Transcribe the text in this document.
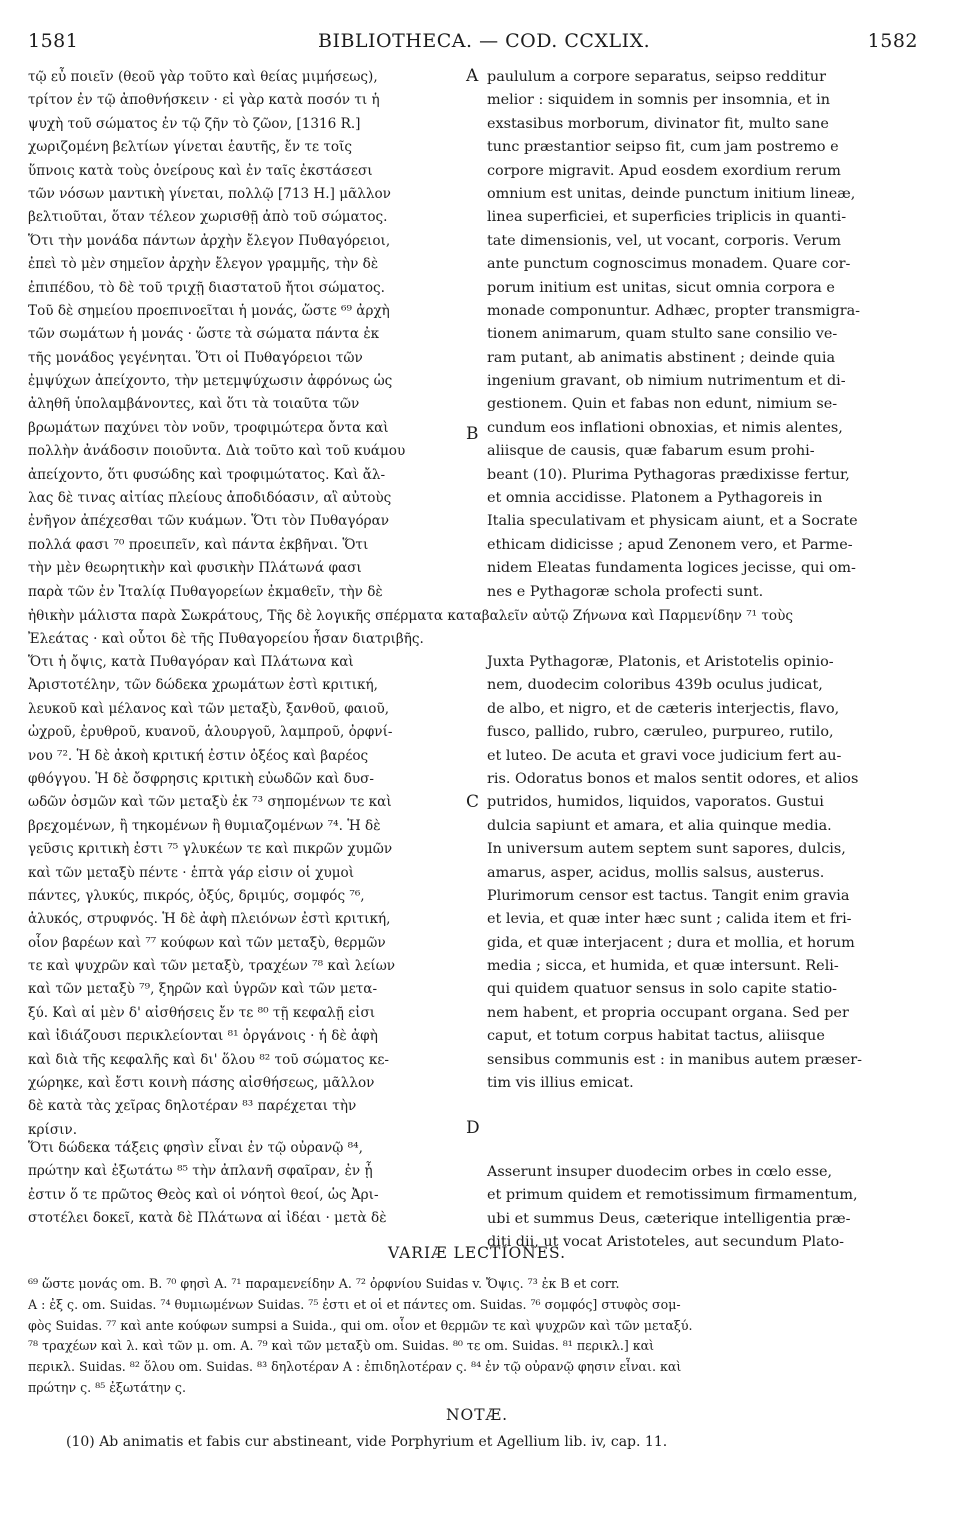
1581	BIBLIOTHECA. — COD. CCXLIX.	1582
A
B
C
D
τῷ εὖ ποιεῖν (θεοῦ γὰρ τοῦτο καὶ θείας μιμήσεως),
τρίτον ἐν τῷ ἀποθνήσκειν · εἰ γὰρ κατὰ ποσόν τι ἡ
ψυχὴ τοῦ σώματος ἐν τῷ ζῆν τὸ ζῶον, [1316 R.]
χωριζομένη βελτίων γίνεται ἑαυτῆς, ἔν τε τοῖς
ὕπνοις κατὰ τοὺς ὀνείρους καὶ ἐν ταῖς ἐκστάσεσι
τῶν νόσων μαντικὴ γίνεται, πολλῷ [713 H.] μᾶλλον
βελτιοῦται, ὅταν τέλεον χωρισθῇ ἀπὸ τοῦ σώματος.
Ὅτι τὴν μονάδα πάντων ἀρχὴν ἔλεγον Πυθαγόρειοι,
ἐπεὶ τὸ μὲν σημεῖον ἀρχὴν ἔλεγον γραμμῆς, τὴν δὲ
ἐπιπέδου, τὸ δὲ τοῦ τριχῇ διαστατοῦ ἤτοι σώματος.
Τοῦ δὲ σημείου προεπινοεῖται ἡ μονάς, ὥστε ⁶⁹ ἀρχὴ
τῶν σωμάτων ἡ μονάς · ὥστε τὰ σώματα πάντα ἐκ
τῆς μονάδος γεγένηται. Ὅτι οἱ Πυθαγόρειοι τῶν
ἐμψύχων ἀπείχοντο, τὴν μετεμψύχωσιν ἀφρόνως ὡς
ἀληθῆ ὑπολαμβάνοντες, καὶ ὅτι τὰ τοιαῦτα τῶν
βρωμάτων παχύνει τὸν νοῦν, τροφιμώτερα ὄντα καὶ
πολλὴν ἀνάδοσιν ποιοῦντα. Διὰ τοῦτο καὶ τοῦ κυάμου
ἀπείχοντο, ὅτι φυσώδης καὶ τροφιμώτατος. Καὶ ἄλ-
λας δὲ τινας αἰτίας πλείους ἀποδιδόασιν, αἳ αὐτοὺς
ἐνῆγον ἀπέχεσθαι τῶν κυάμων. Ὅτι τὸν Πυθαγόραν
πολλά φασι ⁷⁰ προειπεῖν, καὶ πάντα ἐκβῆναι. Ὅτι
τὴν μὲν θεωρητικὴν καὶ φυσικὴν Πλάτωνά φασι
παρὰ τῶν ἐν Ἰταλίᾳ Πυθαγορείων ἐκμαθεῖν, τὴν δὲ
paululum a corpore separatus, seipso redditur
melior : siquidem in somnis per insomnia, et in
exstasibus morborum, divinator fit, multo sane
tunc præstantior seipso fit, cum jam postremo e
corpore migravit. Apud eosdem exordium rerum
omnium est unitas, deinde punctum initium lineæ,
linea superficiei, et superficies triplicis in quanti-
tate dimensionis, vel, ut vocant, corporis. Verum
ante punctum cognoscimus monadem. Quare cor-
porum initium est unitas, sicut omnia corpora e
monade componuntur. Adhæc, propter transmigra-
tionem animarum, quam stulto sane consilio ve-
ram putant, ab animatis abstinent ; deinde quia
ingenium gravant, ob nimium nutrimentum et di-
gestionem. Quin et fabas non edunt, nimium se-
cundum eos inflationi obnoxias, et nimis alentes,
aliisque de causis, quæ fabarum esum prohi-
beant (10). Plurima Pythagoras prædixisse fertur,
et omnia accidisse. Platonem a Pythagoreis in
Italia speculativam et physicam aiunt, et a Socrate
ethicam didicisse ; apud Zenonem vero, et Parme-
nidem Eleatas fundamenta logices jecisse, qui om-
nes e Pythagoræ schola profecti sunt.
ἠθικὴν μάλιστα παρὰ Σωκράτους, Τῆς δὲ λογικῆς σπέρματα καταβαλεῖν αὐτῷ Ζήνωνα καὶ Παρμενίδην ⁷¹ τοὺς
Ἐλεάτας · καὶ οὗτοι δὲ τῆς Πυθαγορείου ἦσαν διατριβῆς.
Ὅτι ἡ ὄψις, κατὰ Πυθαγόραν καὶ Πλάτωνα καὶ
Ἀριστοτέλην, τῶν δώδεκα χρωμάτων ἐστὶ κριτική,
λευκοῦ καὶ μέλανος καὶ τῶν μεταξὺ, ξανθοῦ, φαιοῦ,
ὠχροῦ, ἐρυθροῦ, κυανοῦ, ἁλουργοῦ, λαμπροῦ, ὀρφνί-
νου ⁷². Ἡ δὲ ἀκοὴ κριτική ἐστιν ὀξέος καὶ βαρέος
φθόγγου. Ἡ δὲ ὄσφρησις κριτικὴ εὐωδῶν καὶ δυσ-
ωδῶν ὀσμῶν καὶ τῶν μεταξὺ ἐκ ⁷³ σηπομένων τε καὶ
βρεχομένων, ἢ τηκομένων ἢ θυμιαζομένων ⁷⁴. Ἡ δὲ
γεῦσις κριτικὴ ἐστι ⁷⁵ γλυκέων τε καὶ πικρῶν χυμῶν
καὶ τῶν μεταξὺ πέντε · ἑπτὰ γάρ εἰσιν οἱ χυμοὶ
πάντες, γλυκύς, πικρός, ὀξύς, δριμύς, σομφός ⁷⁶,
ἁλυκός, στρυφνός. Ἡ δὲ ἀφὴ πλειόνων ἐστὶ κριτική,
οἷον βαρέων καὶ ⁷⁷ κούφων καὶ τῶν μεταξὺ, θερμῶν
τε καὶ ψυχρῶν καὶ τῶν μεταξὺ, τραχέων ⁷⁸ καὶ λείων
καὶ τῶν μεταξὺ ⁷⁹, ξηρῶν καὶ ὑγρῶν καὶ τῶν μετα-
ξύ. Καὶ αἱ μὲν δ' αἰσθήσεις ἔν τε ⁸⁰ τῇ κεφαλῇ εἰσι
καὶ ἰδιάζουσι περικλείονται ⁸¹ ὀργάνοις · ἡ δὲ ἀφὴ
καὶ διὰ τῆς κεφαλῆς καὶ δι' ὅλου ⁸² τοῦ σώματος κε-
χώρηκε, καὶ ἔστι κοινὴ πάσης αἰσθήσεως, μᾶλλον
δὲ κατὰ τὰς χεῖρας δηλοτέραν ⁸³ παρέχεται τὴν
κρίσιν.
Juxta Pythagoræ, Platonis, et Aristotelis opinio-
nem, duodecim coloribus 439b oculus judicat,
de albo, et nigro, et de cæteris interjectis, flavo,
fusco, pallido, rubro, cæruleo, purpureo, rutilo,
et luteo. De acuta et gravi voce judicium fert au-
ris. Odoratus bonos et malos sentit odores, et alios
putridos, humidos, liquidos, vaporatos. Gustui
dulcia sapiunt et amara, et alia quinque media.
In universum autem septem sunt sapores, dulcis,
amarus, asper, acidus, mollis salsus, austerus.
Plurimorum censor est tactus. Tangit enim gravia
et levia, et quæ inter hæc sunt ; calida item et fri-
gida, et quæ interjacent ; dura et mollia, et horum
media ; sicca, et humida, et quæ intersunt. Reli-
qui quidem quatuor sensus in solo capite statio-
nem habent, et propria occupant organa. Sed per
caput, et totum corpus habitat tactus, aliisque
sensibus communis est : in manibus autem præser-
tim vis illius emicat.
Ὅτι δώδεκα τάξεις φησὶν εἶναι ἐν τῷ οὐρανῷ ⁸⁴,
πρώτην καὶ ἐξωτάτω ⁸⁵ τὴν ἀπλανῆ σφαῖραν, ἐν ᾗ
ἐστιν ὅ τε πρῶτος Θεὸς καὶ οἱ νόητοὶ θεοί, ὡς Ἀρι-
στοτέλει δοκεῖ, κατὰ δὲ Πλάτωνα αἱ ἰδέαι · μετὰ δὲ
Asserunt insuper duodecim orbes in cœlo esse,
et primum quidem et remotissimum firmamentum,
ubi et summus Deus, cæterique intelligentia præ-
diti dii, ut vocat Aristoteles, aut secundum Plato-
VARIÆ LECTIONES.
⁶⁹ ὥστε μονάς om. B. ⁷⁰ φησὶ A. ⁷¹ παραμενείδην A. ⁷² ὀρφνίου Suidas v. Ὄψις. ⁷³ ἐκ B et corr.
A : ἐξ ς. om. Suidas. ⁷⁴ θυμιωμένων Suidas. ⁷⁵ ἐστι et οἱ et πάντες om. Suidas. ⁷⁶ σομφός] στυφὸς σομ-
φὸς Suidas. ⁷⁷ καὶ ante κούφων sumpsi a Suida., qui om. οἷον et θερμῶν τε καὶ ψυχρῶν καὶ τῶν μεταξύ.
⁷⁸ τραχέων καὶ λ. καὶ τῶν μ. om. A. ⁷⁹ καὶ τῶν μεταξὺ om. Suidas. ⁸⁰ τε om. Suidas. ⁸¹ περικλ.] καὶ
περικλ. Suidas. ⁸² ὅλου om. Suidas. ⁸³ δηλοτέραν A : ἐπιδηλοτέραν ς. ⁸⁴ ἐν τῷ οὐρανῷ φησιν εἶναι. καὶ
πρώτην ς. ⁸⁵ ἐξωτάτην ς.
NOTÆ.
(10) Ab animatis et fabis cur abstineant, vide Porphyrium et Agellium lib. iv, cap. 11.
